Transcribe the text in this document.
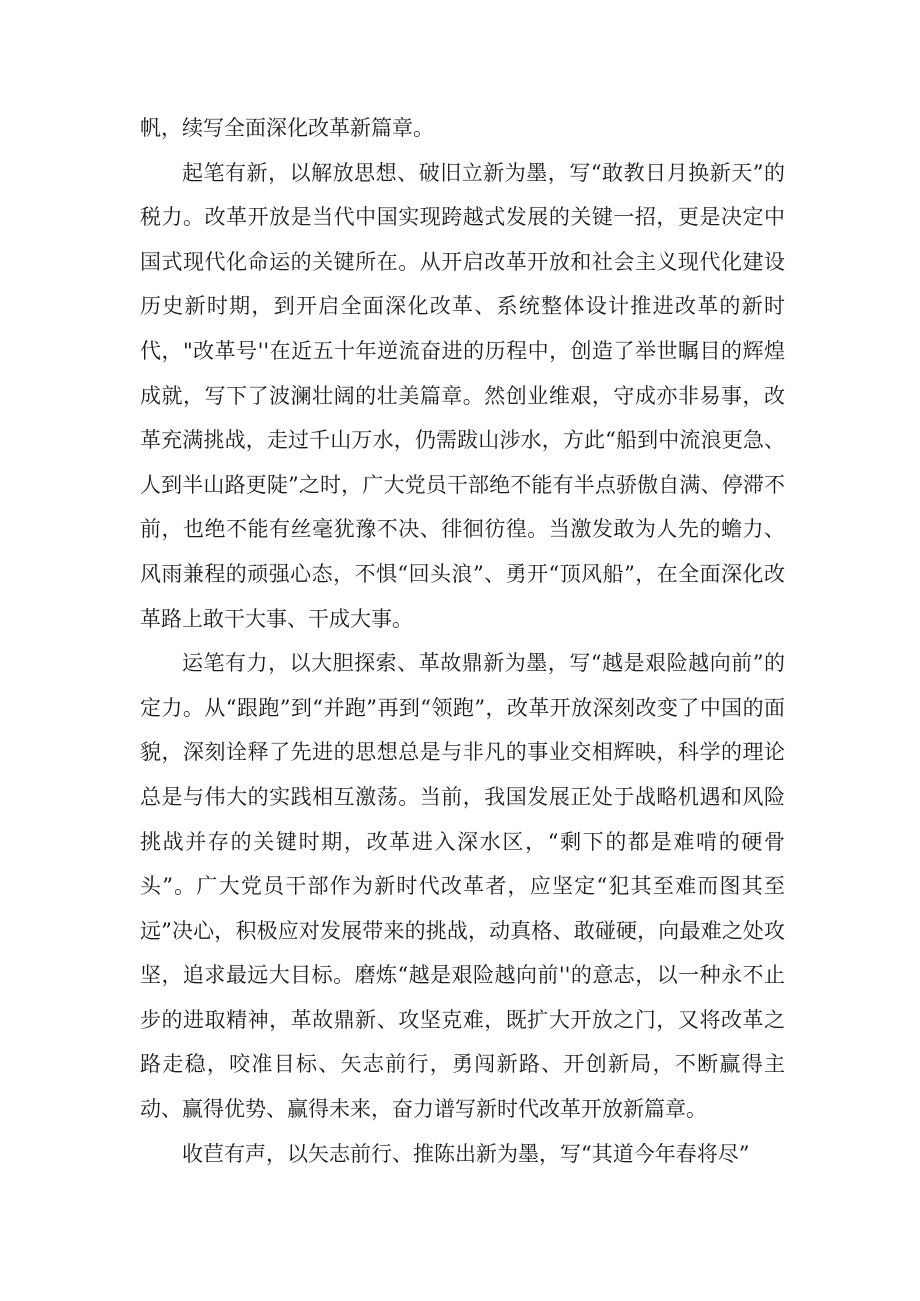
帆，续写全面深化改革新篇章。

起笔有新，以解放思想、破旧立新为墨，写“敢教日月换新天”的税力。改革开放是当代中国实现跨越式发展的关键一招，更是决定中国式现代化命运的关键所在。从开启改革开放和社会主义现代化建设历史新时期，到开启全面深化改革、系统整体设计推进改革的新时代，"改革号''在近五十年逆流奋进的历程中，创造了举世瞩目的辉煌成就，写下了波澜壮阔的壮美篇章。然创业维艰，守成亦非易事，改革充满挑战，走过千山万水，仍需跋山涉水，方此“船到中流浪更急、人到半山路更陡”之时，广大党员干部绝不能有半点骄傲自满、停滞不前，也绝不能有丝毫犹豫不决、徘徊彷徨。当激发敢为人先的蟾力、风雨兼程的顽强心态，不惧“回头浪”、勇开“顶风船”，在全面深化改革路上敢干大事、干成大事。

运笔有力，以大胆探索、革故鼎新为墨，写“越是艰险越向前”的定力。从“跟跑”到“并跑”再到“领跑”，改革开放深刻改变了中国的面貌，深刻诠释了先进的思想总是与非凡的事业交相辉映，科学的理论总是与伟大的实践相互激荡。当前，我国发展正处于战略机遇和风险挑战并存的关键时期，改革进入深水区，“剩下的都是难啃的硬骨头”。广大党员干部作为新时代改革者，应坚定“犯其至难而图其至远”决心，积极应对发展带来的挑战，动真格、敢碰硬，向最难之处攻坚，追求最远大目标。磨炼“越是艰险越向前''的意志，以一种永不止步的进取精神，革故鼎新、攻坚克难，既扩大开放之门，又将改革之路走稳，咬准目标、矢志前行，勇闯新路、开创新局，不断赢得主动、赢得优势、赢得未来，奋力谱写新时代改革开放新篇章。

收苣有声，以矢志前行、推陈出新为墨，写“其道今年春将尽”
